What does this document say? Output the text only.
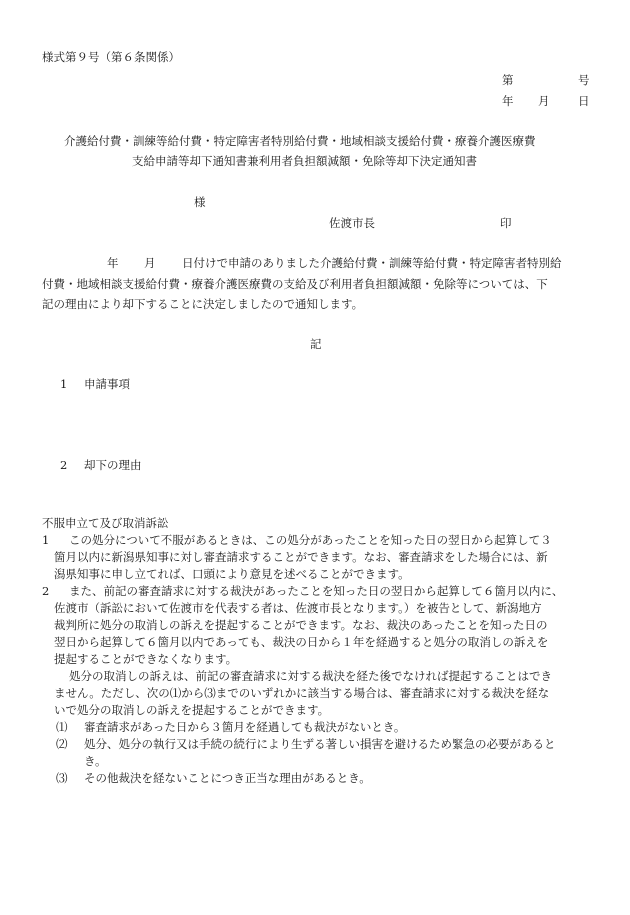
様式第９号（第６条関係）
第	号
年 月 日
介護給付費・訓練等給付費・特定障害者特別給付費・地域相談支援給付費・療養介護医療費
支給申請等却下通知書兼利用者負担額減額・免除等却下決定通知書
様
佐渡市長	印
年 月 日付けで申請のありました介護給付費・訓練等給付費・特定障害者特別給
付費・地域相談支援給付費・療養介護医療費の支給及び利用者負担額減額・免除等については、下
記の理由により却下することに決定しましたので通知します。
記
1 申請事項
2 却下の理由
不服申立て及び取消訴訟
1 この処分について不服があるときは、この処分があったことを知った日の翌日から起算して３
箇月以内に新潟県知事に対し審査請求することができます。なお、審査請求をした場合には、新
潟県知事に申し立てれば、口頭により意見を述べることができます。
2 また、前記の審査請求に対する裁決があったことを知った日の翌日から起算して６箇月以内に、
佐渡市（訴訟において佐渡市を代表する者は、佐渡市長となります。）を被告として、新潟地方
裁判所に処分の取消しの訴えを提起することができます。なお、裁決のあったことを知った日の
翌日から起算して６箇月以内であっても、裁決の日から１年を経過すると処分の取消しの訴えを
提起することができなくなります。
処分の取消しの訴えは、前記の審査請求に対する裁決を経た後でなければ提起することはでき
ません。ただし、次の⑴から⑶までのいずれかに該当する場合は、審査請求に対する裁決を経な
いで処分の取消しの訴えを提起することができます。
⑴ 審査請求があった日から３箇月を経過しても裁決がないとき。
⑵ 処分、処分の執行又は手続の続行により生ずる著しい損害を避けるため緊急の必要があると
き。
⑶ その他裁決を経ないことにつき正当な理由があるとき。
